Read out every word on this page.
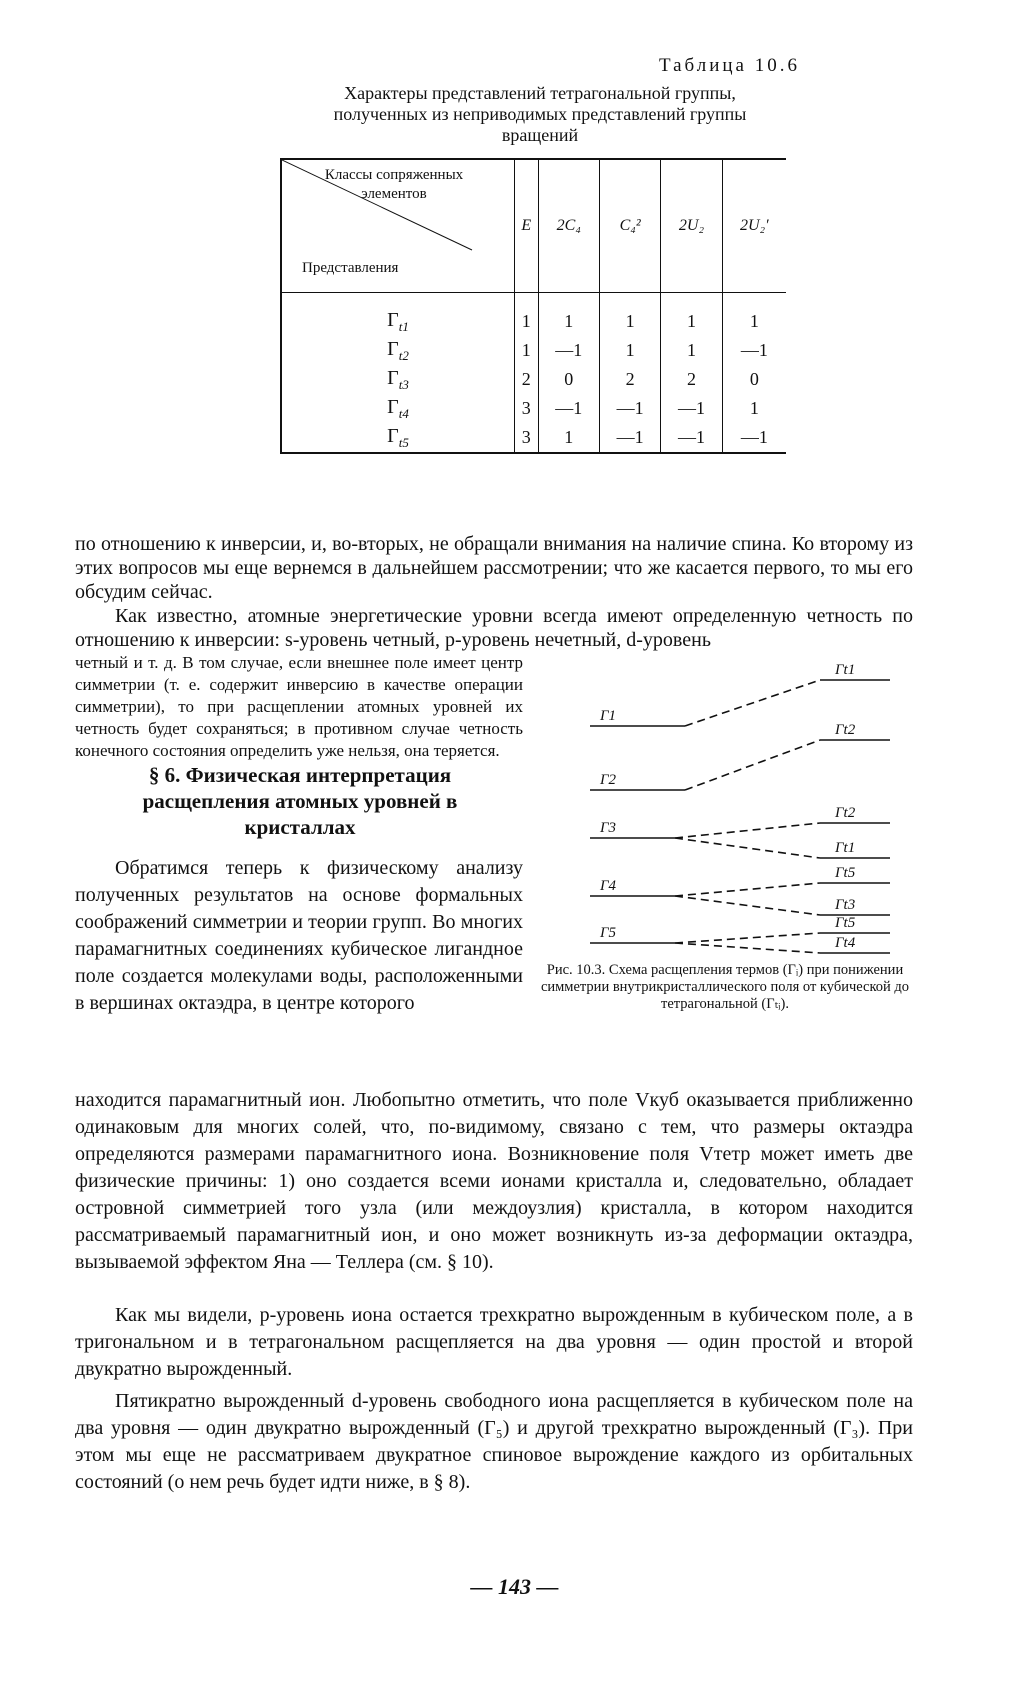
Таблица 10.6
Характеры представлений тетрагональной группы, полученных из неприводимых представлений группы вращений
Классы сопряженных элементов
Представления	E	2C₄	C₄²	2U₂	2U₂′
$\Gamma_{t1}$	1	1	1	1	1
$\Gamma_{t2}$	1	—1	1	1	—1
$\Gamma_{t3}$	2	0	2	2	0
$\Gamma_{t4}$	3	—1	—1	—1	1
$\Gamma_{t5}$	3	1	—1	—1	—1

по отношению к инверсии, и, во-вторых, не обращали внимания на наличие спина. Ко второму из этих вопросов мы еще вернемся в дальнейшем рассмотрении; что же касается первого, то мы его обсудим сейчас.

Как известно, атомные энергетические уровни всегда имеют определенную четность по отношению к инверсии: s-уровень четный, p-уровень нечетный, d-уровень

четный и т. д. В том случае, если внешнее поле имеет центр симметрии (т. е. содержит инверсию в качестве операции симметрии), то при расщеплении атомных уровней их четность будет сохраняться; в противном случае четность конечного состояния определить уже нельзя, она теряется.

§ 6. Физическая интерпретация расщепления атомных уровней в кристаллах

Обратимся теперь к физическому анализу полученных результатов на основе формальных соображений симметрии и теории групп. Во многих парамагнитных соединениях кубическое лигандное поле создается молекулами воды, расположенными в вершинах октаэдра, в центре которого

находится парамагнитный ион. Любопытно отметить, что поле Vкуб оказывается приближенно одинаковым для многих солей, что, по-видимому, связано с тем, что размеры октаэдра определяются размерами парамагнитного иона. Возникновение поля Vтетр может иметь две физические причины: 1) оно создается всеми ионами кристалла и, следовательно, обладает островной симметрией того узла (или междоузлия) кристалла, в котором находится рассматриваемый парамагнитный ион, и оно может возникнуть из-за деформации октаэдра, вызываемой эффектом Яна — Теллера (см. § 10).

Как мы видели, p-уровень иона остается трехкратно вырожденным в кубическом поле, а в тригональном и в тетрагональном расщепляется на два уровня — один простой и второй двукратно вырожденный.

Пятикратно вырожденный d-уровень свободного иона расщепляется в кубическом поле на два уровня — один двукратно вырожденный (Γ₅) и другой трехкратно вырожденный (Γ₃). При этом мы еще не рассматриваем двукратное спиновое вырождение каждого из орбитальных состояний (о нем речь будет идти ниже, в § 8).

Γ1
Γ2
Γ3
Γ4
Γ5
Γt1
Γt2
Γt2
Γt1
Γt5
Γt3
Γt5
Γt4
Рис. 10.3. Схема расщепления термов (Γᵢ) при понижении симметрии внутрикристаллического поля от кубической до тетрагональной (Γₜᵢ).
— 143 —
